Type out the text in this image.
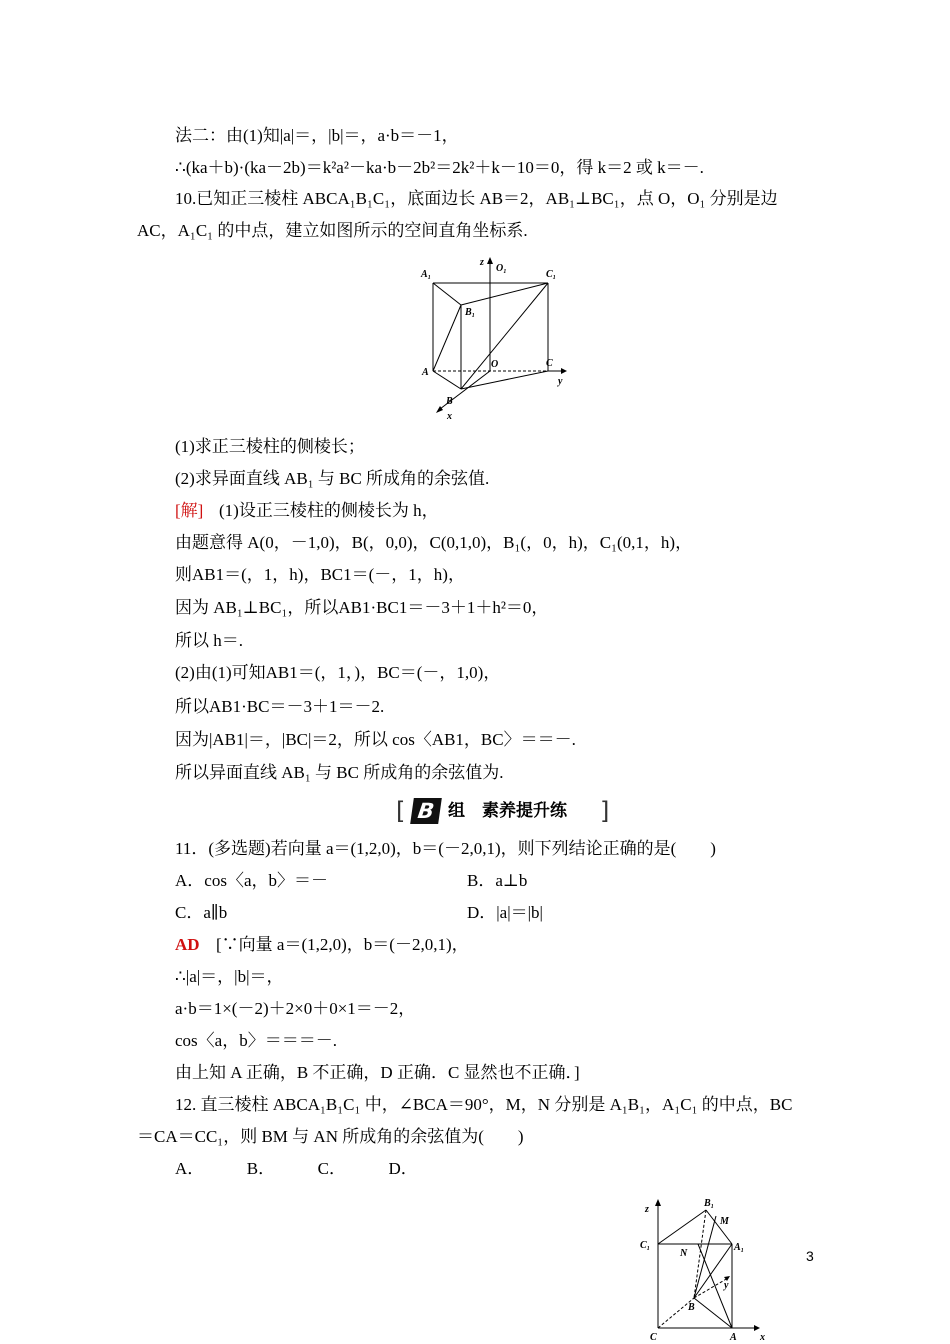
法二：由(1)知|a|＝，|b|＝，a·b＝－1，
∴(ka＋b)·(ka－2b)＝k²a²－ka·b－2b²＝2k²＋k－10＝0，得 k＝2 或 k＝－.
10.已知正三棱柱 ABCA₁B₁C₁，底面边长 AB＝2，AB₁⊥BC₁，点 O，O₁ 分别是边
AC，A₁C₁ 的中点，建立如图所示的空间直角坐标系.
A₁
z
O₁
C₁
B₁
O	C
A
y
B
x
(1)求正三棱柱的侧棱长；
(2)求异面直线 AB₁ 与 BC 所成角的余弦值.
[解] (1)设正三棱柱的侧棱长为 h，
由题意得 A(0，－1,0)，B(，0,0)，C(0,1,0)，B₁(，0，h)，C₁(0,1，h)，
则AB1＝(，1，h)，BC1＝(－，1，h)，
因为 AB₁⊥BC₁，所以AB1·BC1＝－3＋1＋h²＝0，
所以 h＝.
(2)由(1)可知AB1＝(，1，)，BC＝(－，1,0)，
所以AB1·BC＝－3＋1＝－2.
因为|AB1|＝，|BC|＝2，所以 cos〈AB1，BC〉＝＝－.
所以异面直线 AB₁ 与 BC 所成角的余弦值为.
[ B 组　素养提升练 ]
11．(多选题)若向量 a＝(1,2,0)，b＝(－2,0,1)，则下列结论正确的是(　　)
A．cos〈a，b〉＝－	B．a⊥b
C．a∥b	D．|a|＝|b|
AD [∵向量 a＝(1,2,0)，b＝(－2,0,1)，
∴|a|＝，|b|＝，
a·b＝1×(－2)＋2×0＋0×1＝－2，
cos〈a，b〉＝＝＝－.
由上知 A 正确，B 不正确，D 正确．C 显然也不正确．]
12. 直三棱柱 ABCA₁B₁C₁ 中，∠BCA＝90°，M，N 分别是 A₁B₁，A₁C₁ 的中点，BC
＝CA＝CC₁，则 BM 与 AN 所成角的余弦值为(　　)
A．　　　B．　　　C．　　　D．
B₁
z
M
C₁
N
A₁
y
B
C	A x
3
